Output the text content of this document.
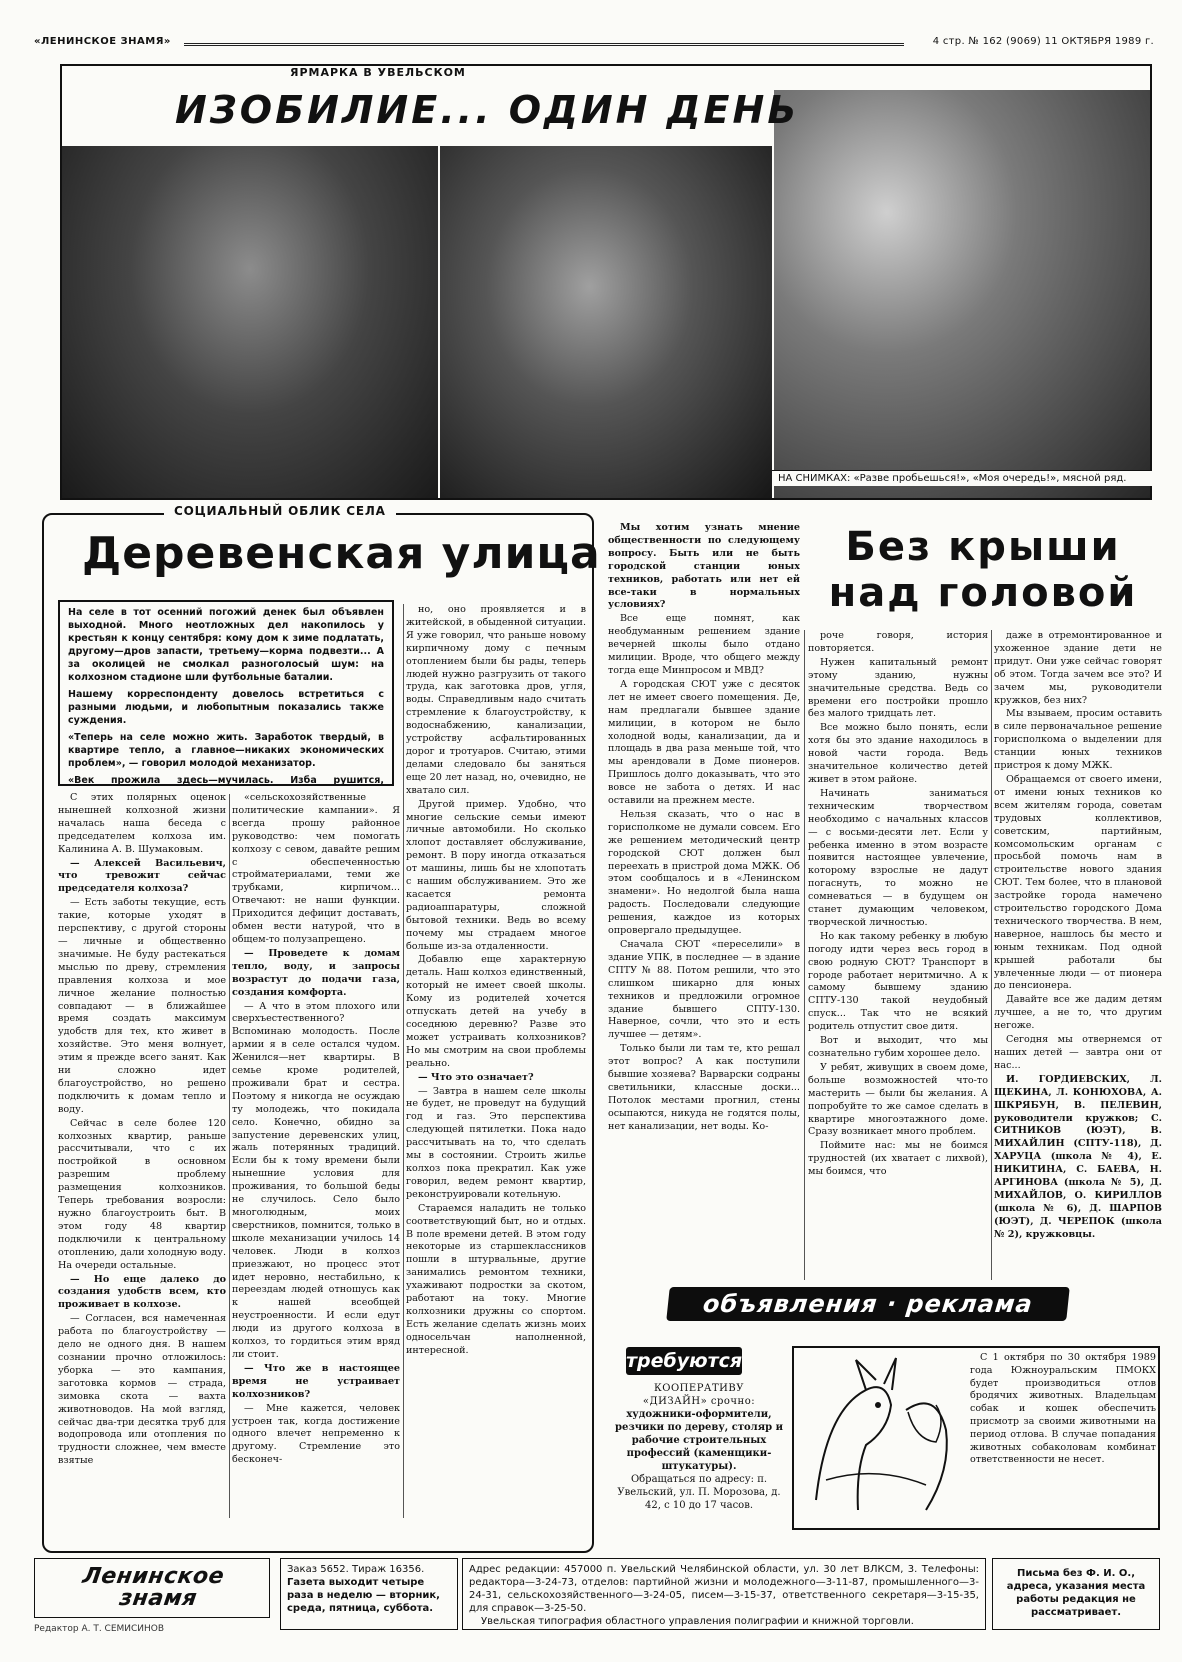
«ЛЕНИНСКОЕ ЗНАМЯ»	4 стр. № 162 (9069) 11 ОКТЯБРЯ 1989 г.
ЯРМАРКА В УВЕЛЬСКОМ
ИЗОБИЛИЕ... ОДИН ДЕНЬ
НА СНИМКАХ: «Разве пробьешься!», «Моя очередь!», мясной ряд.
СОЦИАЛЬНЫЙ ОБЛИК СЕЛА
Деревенская улица

На селе в тот осенний погожий денек был объявлен выходной. Много неотложных дел накопилось у крестьян к концу сентября: кому дом к зиме подлатать, другому—дров запасти, третьему—корма подвезти... А за околицей не смолкал разноголосый шум: на колхозном стадионе шли футбольные баталии.

Нашему корреспонденту довелось встретиться с разными людьми, и любопытным показались также суждения.

«Теперь на селе можно жить. Заработок твердый, в квартире тепло, а главное—никаких экономических проблем», — говорил молодой механизатор.

«Век прожила здесь—мучилась. Изба рушится,

С этих полярных оценок нынешней колхозной жизни началась наша беседа с председателем колхоза им. Калинина А. В. Шумаковым.

— Алексей Васильевич, что тревожит сейчас председателя колхоза?

— Есть заботы текущие, есть такие, которые уходят в перспективу, с другой стороны — личные и общественно значимые. Не буду растекаться мыслью по древу, стремления правления колхоза и мое личное желание полностью совпадают — в ближайшее время создать максимум удобств для тех, кто живет в хозяйстве. Это меня волнует, этим я прежде всего занят. Как ни сложно идет благоустройство, но решено подключить к домам тепло и воду.

Сейчас в селе более 120 колхозных квартир, раньше рассчитывали, что с их постройкой в основном разрешим проблему размещения колхозников. Теперь требования возросли: нужно благоустроить быт. В этом году 48 квартир подключили к центральному отоплению, дали холодную воду. На очереди остальные.

— Но еще далеко до создания удобств всем, кто проживает в колхозе.

— Согласен, вся намеченная работа по благоустройству — дело не одного дня. В нашем сознании прочно отложилось: уборка — это кампания, заготовка кормов — страда, зимовка скота — вахта животноводов. На мой взгляд, сейчас два-три десятка труб для водопровода или отопления по трудности сложнее, чем вместе взятые

«сельскохозяйственные политические кампании». Я всегда прошу районное руководство: чем помогать колхозу с севом, давайте решим с обеспеченностью стройматериалами, теми же трубками, кирпичом... Отвечают: не наши функции. Приходится дефицит доставать, обмен вести натурой, что в общем-то полузапрещено.

— Проведете к домам тепло, воду, и запросы возрастут до подачи газа, создания комфорта.

— А что в этом плохого или сверхъестественного? Вспоминаю молодость. После армии я в селе остался чудом. Женился—нет квартиры. В семье кроме родителей, проживали брат и сестра. Поэтому я никогда не осуждаю ту молодежь, что покидала село. Конечно, обидно за запустение деревенских улиц, жаль потерянных традиций. Если бы к тому времени были нынешние условия для проживания, то большой беды не случилось. Село было многолюдным, моих сверстников, помнится, только в школе механизации училось 14 человек. Люди в колхоз приезжают, но процесс этот идет неровно, нестабильно, к переездам людей отношусь как к нашей всеобщей неустроенности. И если едут люди из другого колхоза в колхоз, то гордиться этим вряд ли стоит.

— Что же в настоящее время не устраивает колхозников?

— Мне кажется, человек устроен так, когда достижение одного влечет непременно к другому. Стремление это бесконеч-

но, оно проявляется и в житейской, в обыденной ситуации. Я уже говорил, что раньше новому кирпичному дому с печным отоплением были бы рады, теперь людей нужно разгрузить от такого труда, как заготовка дров, угля, воды. Справедливым надо считать стремление к благоустройству, к водоснабжению, канализации, устройству асфальтированных дорог и тротуаров. Считаю, этими делами следовало бы заняться еще 20 лет назад, но, очевидно, не хватало сил.

Другой пример. Удобно, что многие сельские семьи имеют личные автомобили. Но сколько хлопот доставляет обслуживание, ремонт. В пору иногда отказаться от машины, лишь бы не хлопотать с нашим обслуживанием. Это же касается ремонта радиоаппаратуры, сложной бытовой техники. Ведь во всему почему мы страдаем многое больше из-за отдаленности.

Добавлю еще характерную деталь. Наш колхоз единственный, который не имеет своей школы. Кому из родителей хочется отпускать детей на учебу в соседнюю деревню? Разве это может устраивать колхозников? Но мы смотрим на свои проблемы реально.

— Что это означает?

— Завтра в нашем селе школы не будет, не проведут на будущий год и газ. Это перспектива следующей пятилетки. Пока надо рассчитывать на то, что сделать мы в состоянии. Строить жилье колхоз пока прекратил. Как уже говорил, ведем ремонт квартир, реконструировали котельную.

Стараемся наладить не только соответствующий быт, но и отдых. В поле времени детей. В этом году некоторые из старшеклассников пошли в штурвальные, другие занимались ремонтом техники, ухаживают подростки за скотом, работают на току. Многие колхозники дружны со спортом. Есть желание сделать жизнь моих односельчан наполненной, интересной.

Без крыши над головой

Мы хотим узнать мнение общественности по следующему вопросу. Быть или не быть городской станции юных техников, работать или нет ей все-таки в нормальных условиях?

Все еще помнят, как необдуманным решением здание вечерней школы было отдано милиции. Вроде, что общего между тогда еще Минпросом и МВД?

А городская СЮТ уже с десяток лет не имеет своего помещения. Де, нам предлагали бывшее здание милиции, в котором не было холодной воды, канализации, да и площадь в два раза меньше той, что мы арендовали в Доме пионеров. Пришлось долго доказывать, что это вовсе не забота о детях. И нас оставили на прежнем месте.

Нельзя сказать, что о нас в горисполкоме не думали совсем. Его же решением методический центр городской СЮТ должен был переехать в пристрой дома МЖК. Об этом сообщалось и в «Ленинском знамени». Но недолгой была наша радость. Последовали следующие решения, каждое из которых опровергало предыдущее.

Сначала СЮТ «переселили» в здание УПК, в последнее — в здание СПТУ № 88. Потом решили, что это слишком шикарно для юных техников и предложили огромное здание бывшего СПТУ-130. Наверное, сочли, что это и есть лучшее — детям».

Только были ли там те, кто решал этот вопрос? А как поступили бывшие хозяева? Варварски содраны светильники, классные доски... Потолок местами прогнил, стены осыпаются, никуда не годятся полы, нет канализации, нет воды. Ко-

роче говоря, история повторяется.

Нужен капитальный ремонт этому зданию, нужны значительные средства. Ведь со времени его постройки прошло без малого тридцать лет.

Все можно было понять, если хотя бы это здание находилось в новой части города. Ведь значительное количество детей живет в этом районе.

Начинать заниматься техническим творчеством необходимо с начальных классов — с восьми-десяти лет. Если у ребенка именно в этом возрасте появится настоящее увлечение, которому взрослые не дадут погаснуть, то можно не сомневаться — в будущем он станет думающим человеком, творческой личностью.

Но как такому ребенку в любую погоду идти через весь город в свою родную СЮТ? Транспорт в городе работает неритмично. А к самому бывшему зданию СПТУ-130 такой неудобный спуск... Так что не всякий родитель отпустит свое дитя.

Вот и выходит, что мы сознательно губим хорошее дело.

У ребят, живущих в своем доме, больше возможностей что-то мастерить — были бы желания. А попробуйте то же самое сделать в квартире многоэтажного доме. Сразу возникает много проблем.

Поймите нас: мы не боимся трудностей (их хватает с лихвой), мы боимся, что

даже в отремонтированное и ухоженное здание дети не придут. Они уже сейчас говорят об этом. Тогда зачем все это? И зачем мы, руководители кружков, без них?

Мы взываем, просим оставить в силе первоначальное решение горисполкома о выделении для станции юных техников пристроя к дому МЖК.

Обращаемся от своего имени, от имени юных техников ко всем жителям города, советам трудовых коллективов, советским, партийным, комсомольским органам с просьбой помочь нам в строительстве нового здания СЮТ. Тем более, что в плановой застройке города намечено строительство городского Дома технического творчества. В нем, наверное, нашлось бы место и юным техникам. Под одной крышей работали бы увлеченные люди — от пионера до пенсионера.

Давайте все же дадим детям лучшее, а не то, что другим негоже.

Сегодня мы отвернемся от наших детей — завтра они от нас...

И. ГОРДИЕВСКИХ, Л. ЩЕКИНА, Л. КОНЮХОВА, А. ШКРЯБУН, В. ПЕЛЕВИН, руководители кружков; С. СИТНИКОВ (ЮЭТ), В. МИХАЙЛИН (СПТУ-118), Д. ХАРУЦА (школа № 4), Е. НИКИТИНА, С. БАЕВА, Н. АРГИНОВА (школа № 5), Д. МИХАЙЛОВ, О. КИРИЛЛОВ (школа № 6), Д. ШАРПОВ (ЮЭТ), Д. ЧЕРЕПОК (школа № 2), кружковцы.

объявления · реклама
требуются
КООПЕРАТИВУ
«ДИЗАЙН» срочно:
художники-оформители, резчики по дереву, столяр и рабочие строительных профессий (каменщики-штукатуры).
Обращаться по адресу: п. Увельский, ул. П. Морозова, д. 42, с 10 до 17 часов.

С 1 октября по 30 октября 1989 года Южноуральским ПМОКХ будет производиться отлов бродячих животных. Владельцам собак и кошек обеспечить присмотр за своими животными на период отлова. В случае попадания животных собаколовам комбинат ответственности не несет.

Ленинское
знамя
Редактор А. Т. СЕМИСИНОВ
Заказ 5652. Тираж 16356.
Газета выходит четыре раза в неделю — вторник, среда, пятница, суббота.
Адрес редакции: 457000 п. Увельский Челябинской области, ул. 30 лет ВЛКСМ, 3. Телефоны: редактора—3-24-73, отделов: партийной жизни и молодежного—3-11-87, промышленного—3-24-31, сельскохозяйственного—3-24-05, писем—3-15-37, ответственного секретаря—3-15-35, для справок—3-25-50.
Увельская типография областного управления полиграфии и книжной торговли.
Письма без Ф. И. О., адреса, указания места работы редакция не рассматривает.
